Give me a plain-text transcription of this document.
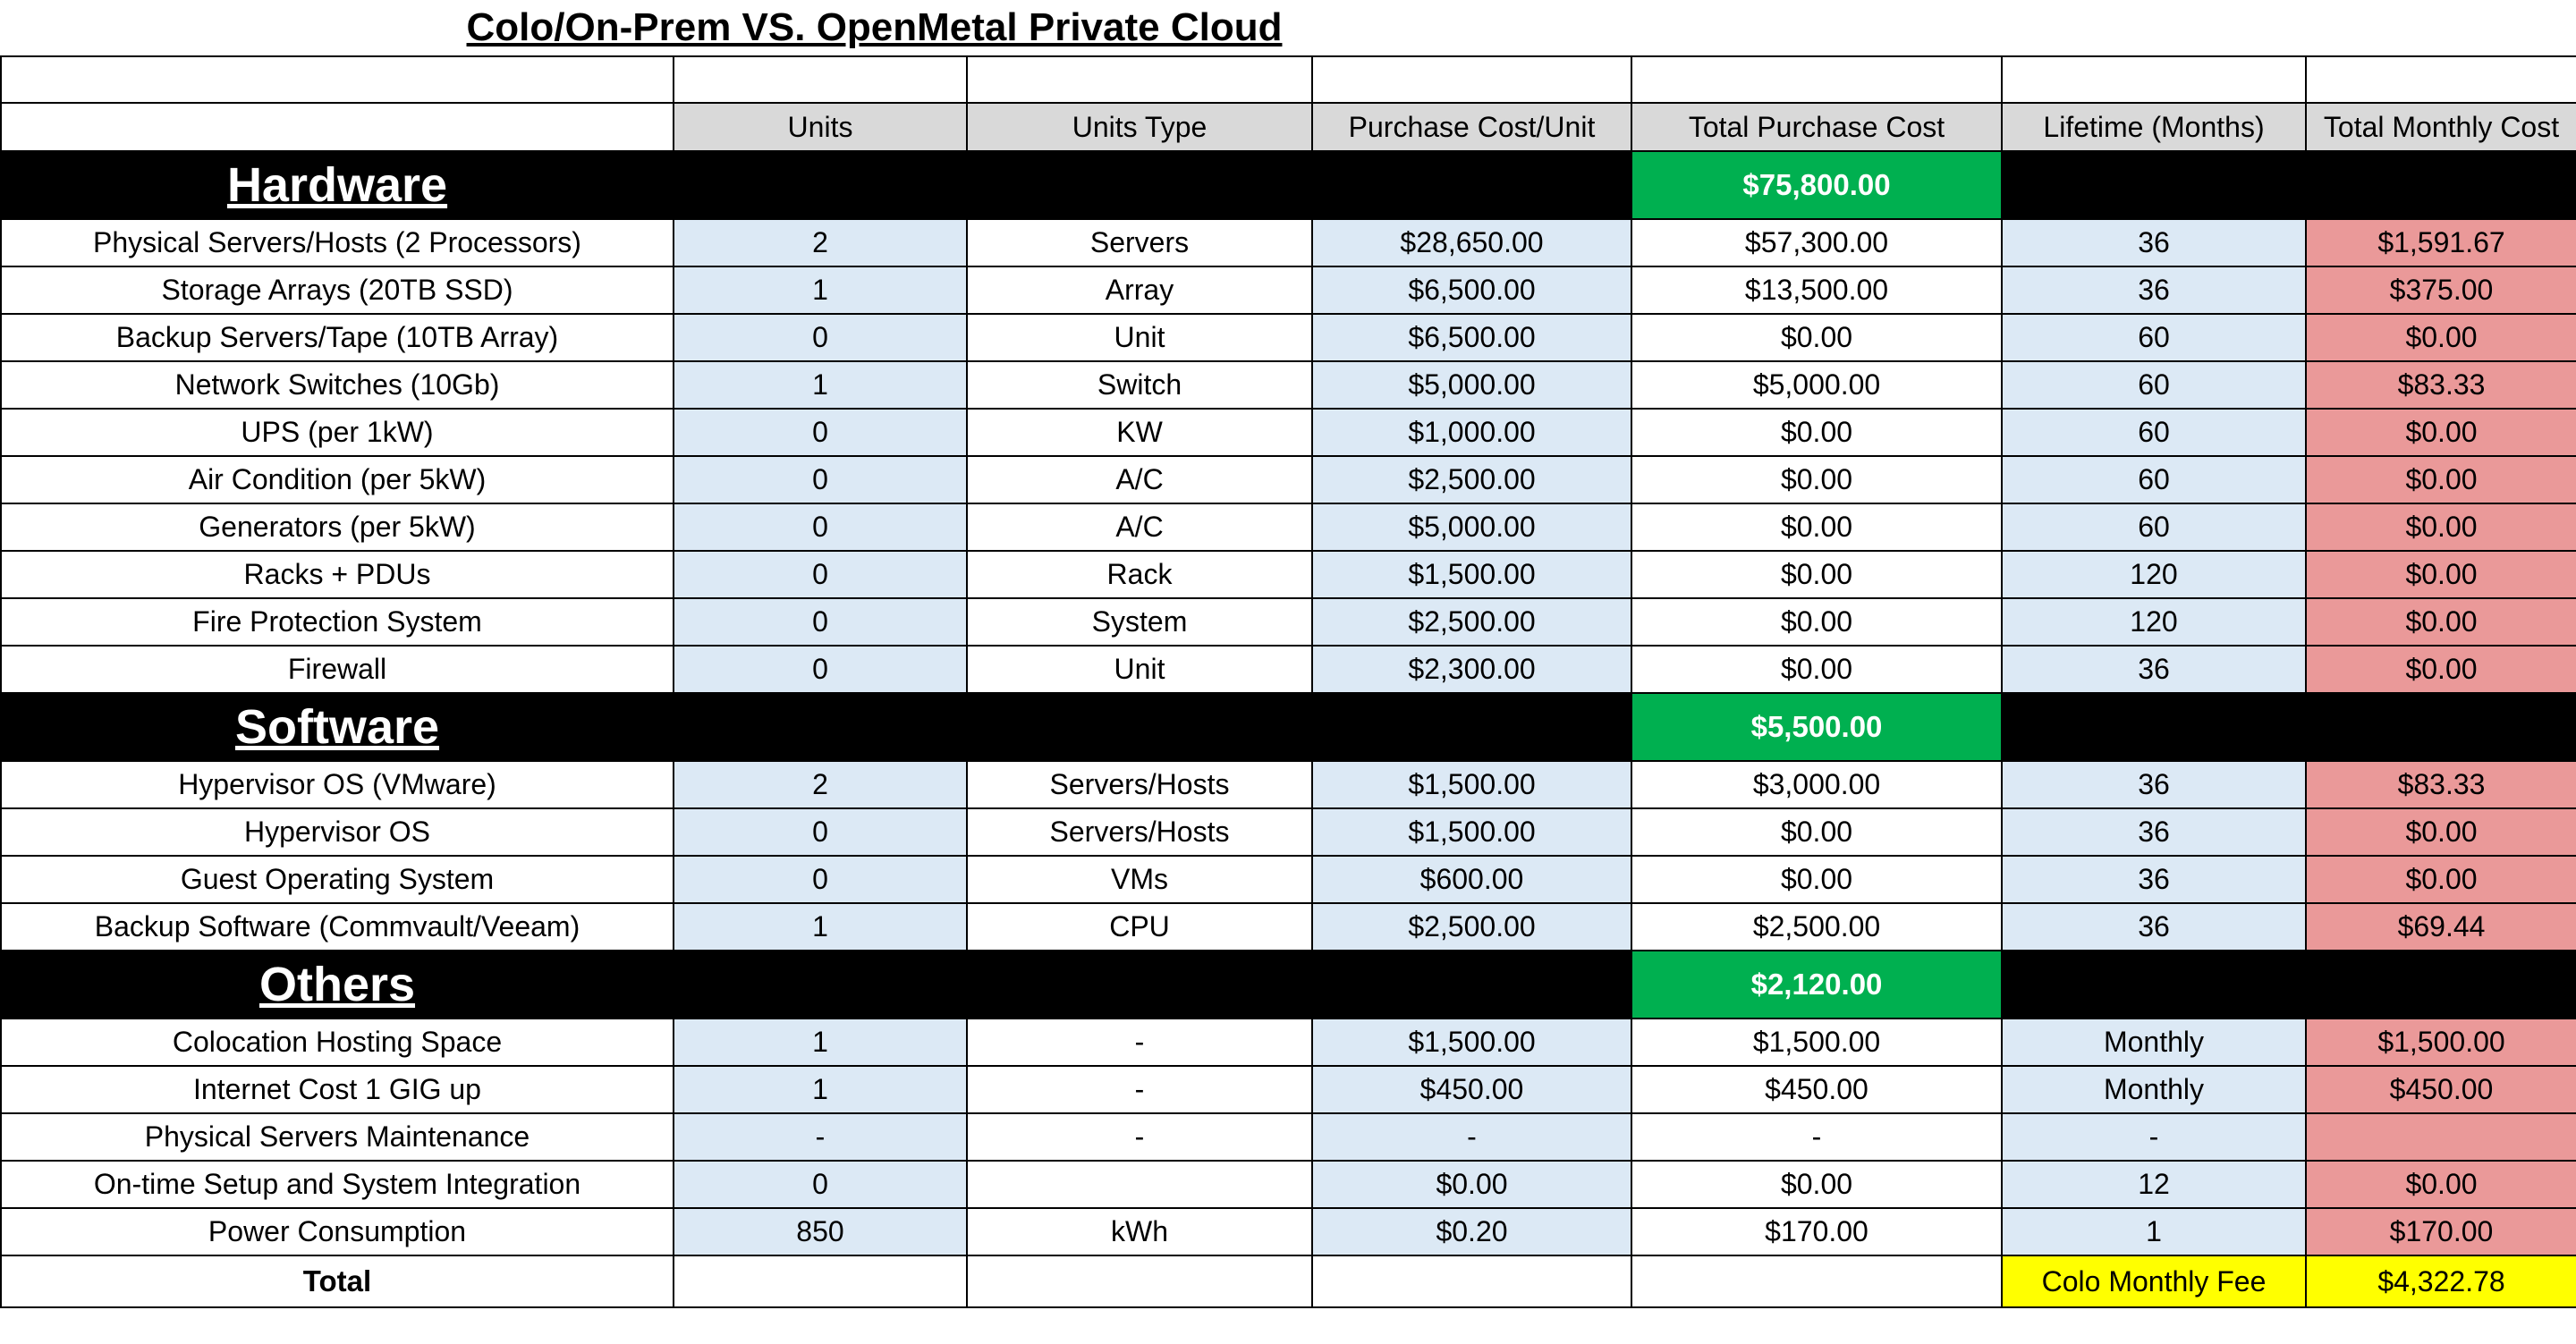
Colo/On-Prem VS. OpenMetal Private Cloud

	Units	Units Type	Purchase Cost/Unit	Total Purchase Cost	Lifetime (Months)	Total Monthly Cost
Hardware				$75,800.00		
Physical Servers/Hosts (2 Processors)	2	Servers	$28,650.00	$57,300.00	36	$1,591.67
Storage Arrays (20TB SSD)	1	Array	$6,500.00	$13,500.00	36	$375.00
Backup Servers/Tape (10TB Array)	0	Unit	$6,500.00	$0.00	60	$0.00
Network Switches (10Gb)	1	Switch	$5,000.00	$5,000.00	60	$83.33
UPS (per 1kW)	0	KW	$1,000.00	$0.00	60	$0.00
Air Condition (per 5kW)	0	A/C	$2,500.00	$0.00	60	$0.00
Generators (per 5kW)	0	A/C	$5,000.00	$0.00	60	$0.00
Racks + PDUs	0	Rack	$1,500.00	$0.00	120	$0.00
Fire Protection System	0	System	$2,500.00	$0.00	120	$0.00
Firewall	0	Unit	$2,300.00	$0.00	36	$0.00
Software				$5,500.00		
Hypervisor OS (VMware)	2	Servers/Hosts	$1,500.00	$3,000.00	36	$83.33
Hypervisor OS	0	Servers/Hosts	$1,500.00	$0.00	36	$0.00
Guest Operating System	0	VMs	$600.00	$0.00	36	$0.00
Backup Software (Commvault/Veeam)	1	CPU	$2,500.00	$2,500.00	36	$69.44
Others				$2,120.00		
Colocation Hosting Space	1	-	$1,500.00	$1,500.00	Monthly	$1,500.00
Internet Cost 1 GIG up	1	-	$450.00	$450.00	Monthly	$450.00
Physical Servers Maintenance	-	-	-	-	-	
On-time Setup and System Integration	0		$0.00	$0.00	12	$0.00
Power Consumption	850	kWh	$0.20	$170.00	1	$170.00
Total					Colo Monthly Fee	$4,322.78
